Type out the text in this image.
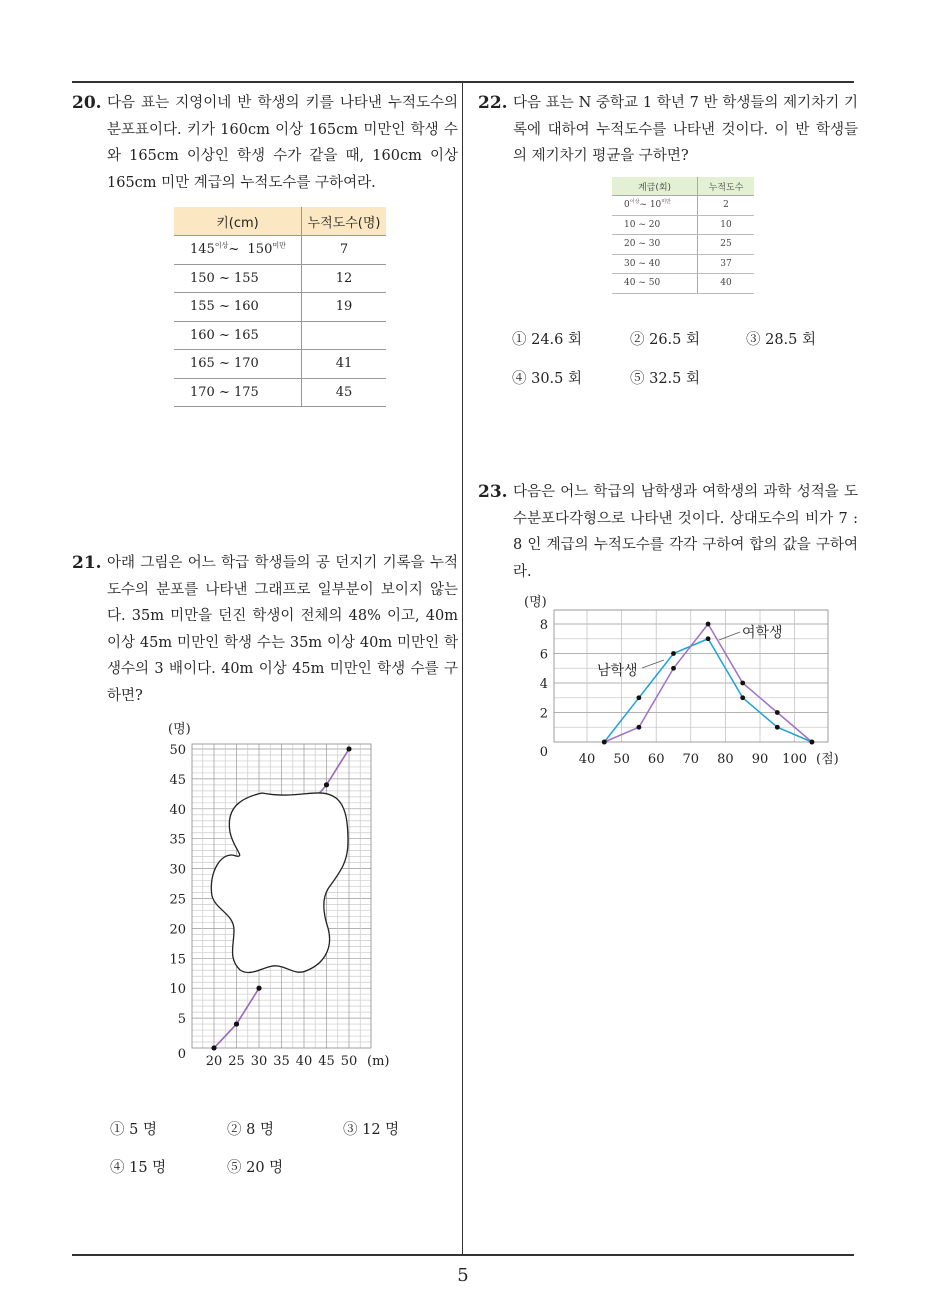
5
20. 다음 표는 지영이네 반 학생의 키를 나타낸 누적도수의 분포표이다. 키가 160cm 이상 165cm 미만인 학생 수와 165cm 이상인 학생 수가 같을 때, 160cm 이상 165cm 미만 계급의 누적도수를 구하여라.
키(cm)	누적도수(명)
$145^{이상}\sim$ $150^{미만}$	7
150 ~ 155	12
155 ~ 160	19
160 ~ 165	
165 ~ 170	41
170 ~ 175	45
21. 아래 그림은 어느 학급 학생들의 공 던지기 기록을 누적도수의 분포를 나타낸 그래프로 일부분이 보이지 않는다. 35m 미만을 던진 학생이 전체의 48% 이고, 40m 이상 45m 미만인 학생 수는 35m 이상 40m 미만인 학생수의 3 배이다. 40m 이상 45m 미만인 학생 수를 구하면?
5
10
15
20
25
30
35
40
45
50
0 20 25 30 35 40 45 50
(명)
(m)
① 5 명	② 8 명	③ 12 명
④ 15 명	⑤ 20 명
22. 다음 표는 N 중학교 1 학년 7 반 학생들의 제기차기 기록에 대하여 누적도수를 나타낸 것이다. 이 반 학생들의 제기차기 평균을 구하면?
계급(회)	누적도수
$0^{이상}\sim$ $10^{미만}$	2
10 ~ 20	10
20 ~ 30	25
30 ~ 40	37
40 ~ 50	40
① 24.6 회	② 26.5 회	③ 28.5 회
④ 30.5 회	⑤ 32.5 회
23. 다음은 어느 학급의 남학생과 여학생의 과학 성적을 도수분포다각형으로 나타낸 것이다. 상대도수의 비가 7 : 8 인 계급의 누적도수를 각각 구하여 합의 값을 구하여라.
2
4
6
8
0 40 50 60 70 80 90 100
(명)
(점)
남학생
여학생
